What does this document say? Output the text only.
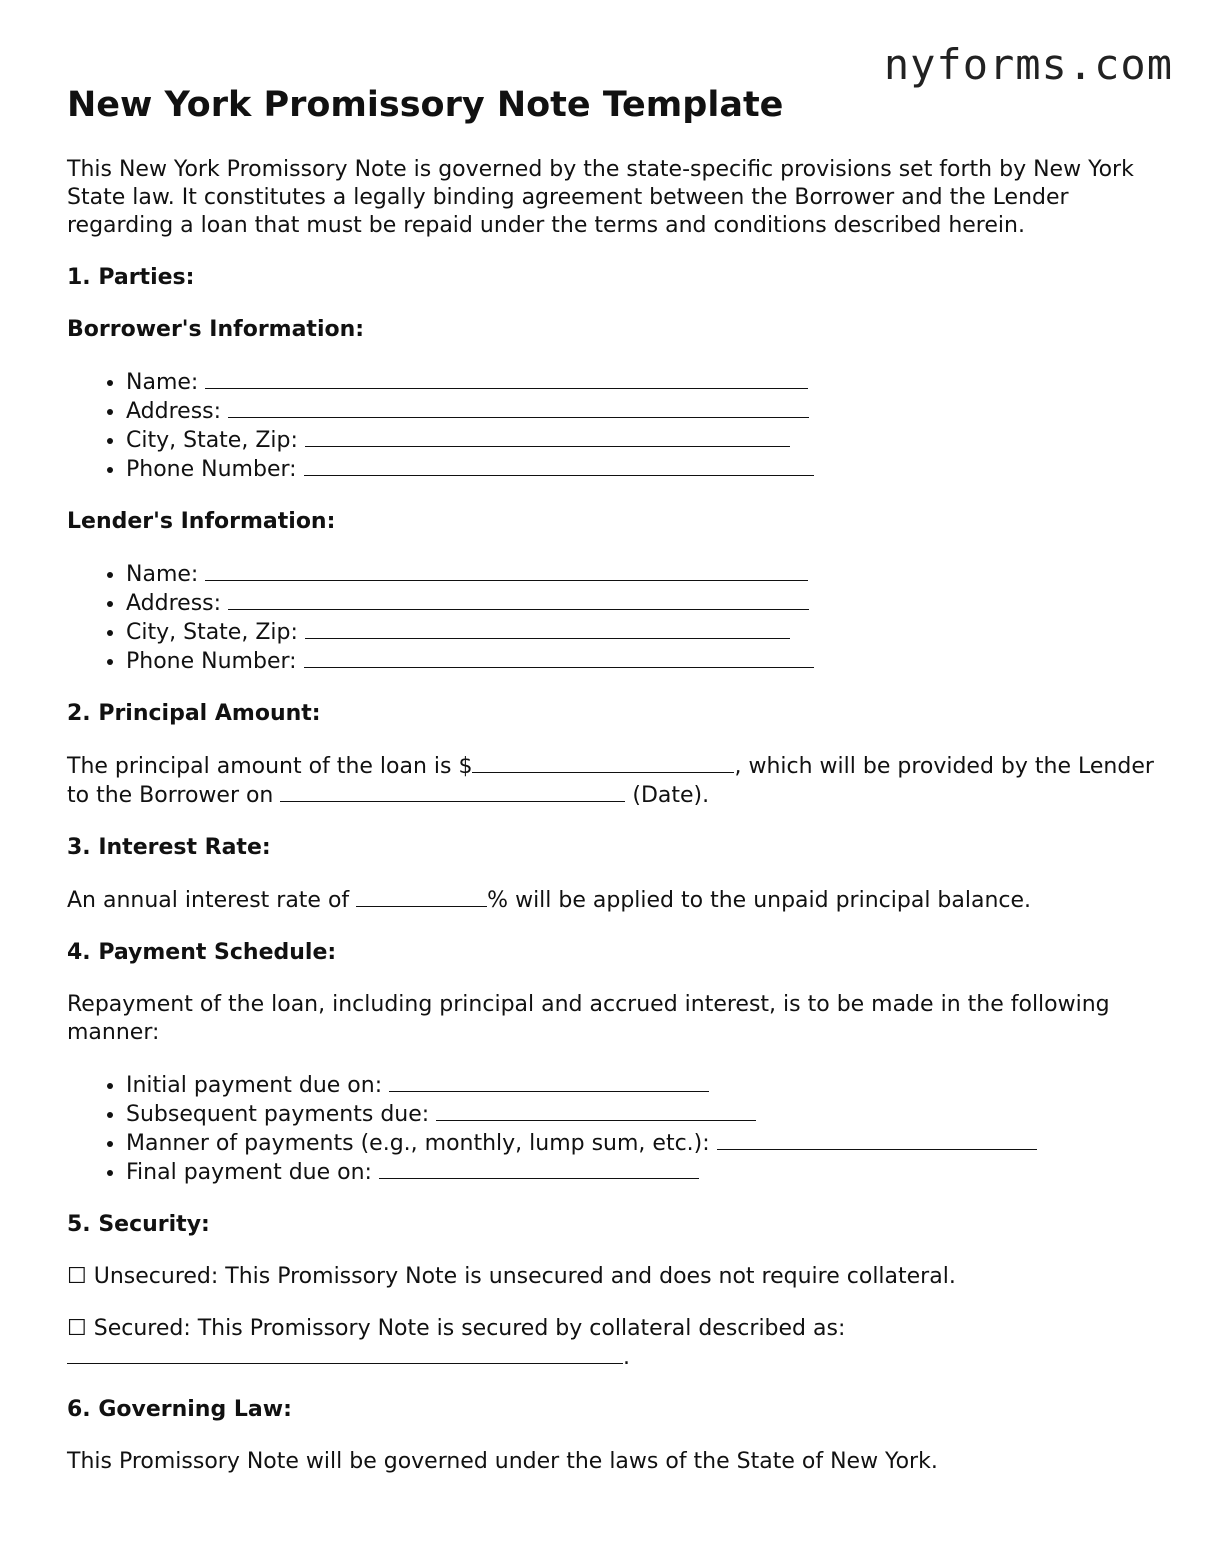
nyforms.com
New York Promissory Note Template

This New York Promissory Note is governed by the state-specific provisions set forth by New York State law. It constitutes a legally binding agreement between the Borrower and the Lender regarding a loan that must be repaid under the terms and conditions described herein.

1. Parties:
Borrower's Information:
• Name:
• Address:
• City, State, Zip:
• Phone Number:
Lender's Information:
• Name:
• Address:
• City, State, Zip:
• Phone Number:
2. Principal Amount:

The principal amount of the loan is $	, which will be provided by the Lender to the Borrower on	(Date).

3. Interest Rate:

An annual interest rate of	% will be applied to the unpaid principal balance.

4. Payment Schedule:

Repayment of the loan, including principal and accrued interest, is to be made in the following manner:

• Initial payment due on:
• Subsequent payments due:
• Manner of payments (e.g., monthly, lump sum, etc.):
• Final payment due on:
5. Security:

☐ Unsecured: This Promissory Note is unsecured and does not require collateral.

☐ Secured: This Promissory Note is secured by collateral described as:
.

6. Governing Law:

This Promissory Note will be governed under the laws of the State of New York.
